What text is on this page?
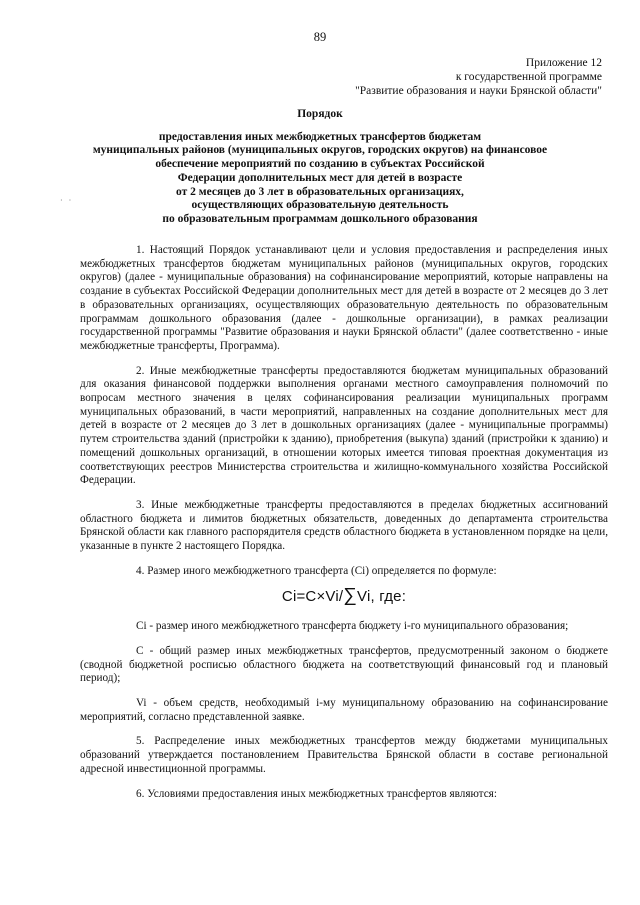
89
Приложение 12
к государственной программе
"Развитие образования и науки Брянской области"
Порядок
предоставления иных межбюджетных трансфертов бюджетам
муниципальных районов (муниципальных округов, городских округов) на финансовое
обеспечение мероприятий по созданию в субъектах Российской
Федерации дополнительных мест для детей в возрасте
от 2 месяцев до 3 лет в образовательных организациях,
осуществляющих образовательную деятельность
по образовательным программам дошкольного образования
· ·

1. Настоящий Порядок устанавливают цели и условия предоставления и распределения иных межбюджетных трансфертов бюджетам муниципальных районов (муниципальных округов, городских округов) (далее - муниципальные образования) на софинансирование мероприятий, которые направлены на создание в субъектах Российской Федерации дополнительных мест для детей в возрасте от 2 месяцев до 3 лет в образовательных организациях, осуществляющих образовательную деятельность по образовательным программам дошкольного образования (далее - дошкольные организации), в рамках реализации государственной программы "Развитие образования и науки Брянской области" (далее соответственно - иные межбюджетные трансферты, Программа).

2. Иные межбюджетные трансферты предоставляются бюджетам муниципальных образований для оказания финансовой поддержки выполнения органами местного самоуправления полномочий по вопросам местного значения в целях софинансирования реализации муниципальных программ муниципальных образований, в части мероприятий, направленных на создание дополнительных мест для детей в возрасте от 2 месяцев до 3 лет в дошкольных организациях (далее - муниципальные программы) путем строительства зданий (пристройки к зданию), приобретения (выкупа) зданий (пристройки к зданию) и помещений дошкольных организаций, в отношении которых имеется типовая проектная документация из соответствующих реестров Министерства строительства и жилищно-коммунального хозяйства Российской Федерации.

3. Иные межбюджетные трансферты предоставляются в пределах бюджетных ассигнований областного бюджета и лимитов бюджетных обязательств, доведенных до департамента строительства Брянской области как главного распорядителя средств областного бюджета в установленном порядке на цели, указанные в пункте 2 настоящего Порядка.

4. Размер иного межбюджетного трансферта (Ci) определяется по формуле:

Ci=C×Vi/∑Vi, где:

Ci - размер иного межбюджетного трансферта бюджету i-го муниципального образования;

С - общий размер иных межбюджетных трансфертов, предусмотренный законом о бюджете (сводной бюджетной росписью областного бюджета на соответствующий финансовый год и плановый период);

Vi - объем средств, необходимый i-му муниципальному образованию на софинансирование мероприятий, согласно представленной заявке.

5. Распределение иных межбюджетных трансфертов между бюджетами муниципальных образований утверждается постановлением Правительства Брянской области в составе региональной адресной инвестиционной программы.

6. Условиями предоставления иных межбюджетных трансфертов являются:
